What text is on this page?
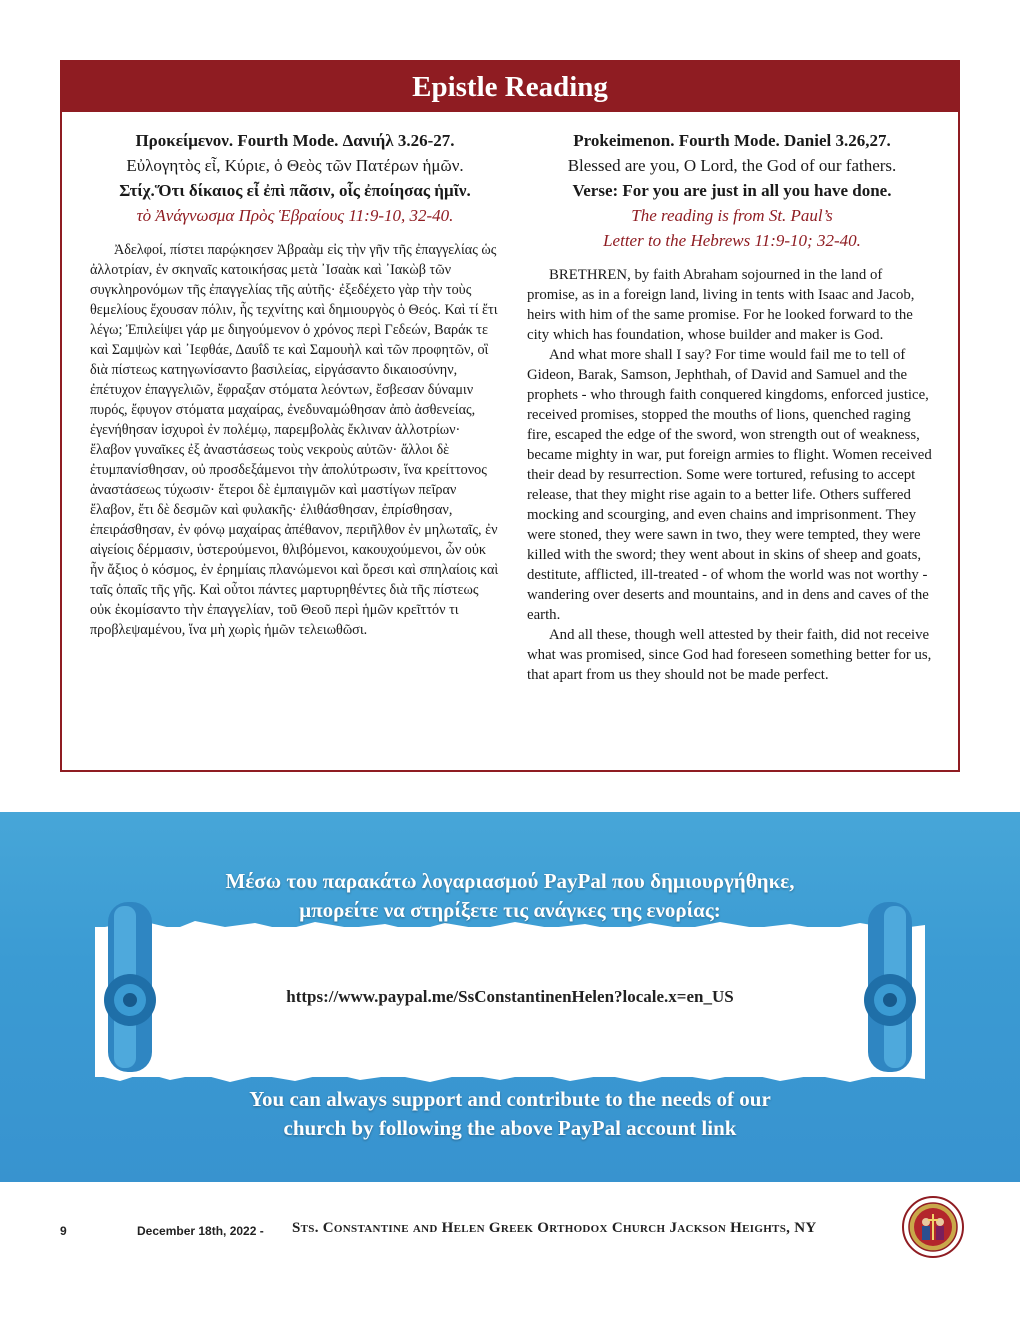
Epistle Reading
Προκείμενον. Fourth Mode. Δανιήλ 3.26-27.
Εὐλογητὸς εἶ, Κύριε, ὁ Θεὸς τῶν Πατέρων ἡμῶν.
Στίχ.Ὅτι δίκαιος εἶ ἐπὶ πᾶσιν, οἷς ἐποίησας ἡμῖν.
τὸ Ἀνάγνωσμα Πρὸς Ἑβραίους 11:9-10, 32-40.

Ἀδελφοί, πίστει παρῴκησεν Ἀβραὰμ εἰς τὴν γῆν τῆς ἐπαγγελίας ὡς ἀλλοτρίαν, ἐν σκηναῖς κατοικήσας μετὰ ᾿Ισαὰκ καὶ ᾿Ιακὼβ τῶν συγκληρονόμων τῆς ἐπαγγελίας τῆς αὐτῆς· ἐξεδέχετο γὰρ τὴν τοὺς θεμελίους ἔχουσαν πόλιν, ἧς τεχνίτης καὶ δημιουργὸς ὁ Θεός. Καὶ τί ἔτι λέγω; Ἐπιλείψει γάρ με διηγούμενον ὁ χρόνος περὶ Γεδεών, Βαράκ τε καὶ Σαμψὼν καὶ ᾿Ιεφθάε, Δαυΐδ τε καὶ Σαμουὴλ καὶ τῶν προφητῶν, οἳ διὰ πίστεως κατηγωνίσαντο βασιλείας, εἰργάσαντο δικαιοσύνην, ἐπέτυχον ἐπαγγελιῶν, ἔφραξαν στόματα λεόντων, ἔσβεσαν δύναμιν πυρός, ἔφυγον στόματα μαχαίρας, ἐνεδυναμώθησαν ἀπὸ ἀσθενείας, ἐγενήθησαν ἰσχυροὶ ἐν πολέμῳ, παρεμβολὰς ἔκλιναν ἀλλοτρίων· ἔλαβον γυναῖκες ἐξ ἀναστάσεως τοὺς νεκροὺς αὐτῶν· ἄλλοι δὲ ἐτυμπανίσθησαν, οὐ προσδεξάμενοι τὴν ἀπολύτρωσιν, ἵνα κρείττονος ἀναστάσεως τύχωσιν· ἕτεροι δὲ ἐμπαιγμῶν καὶ μαστίγων πεῖραν ἔλαβον, ἔτι δὲ δεσμῶν καὶ φυλακῆς· ἐλιθάσθησαν, ἐπρίσθησαν, ἐπειράσθησαν, ἐν φόνῳ μαχαίρας ἀπέθανον, περιῆλθον ἐν μηλωταῖς, ἐν αἰγείοις δέρμασιν, ὑστερούμενοι, θλιβόμενοι, κακουχούμενοι, ὧν οὐκ ἦν ἄξιος ὁ κόσμος, ἐν ἐρημίαις πλανώμενοι καὶ ὄρεσι καὶ σπηλαίοις καὶ ταῖς ὀπαῖς τῆς γῆς. Καὶ οὗτοι πάντες μαρτυρηθέντες διὰ τῆς πίστεως οὐκ ἐκομίσαντο τὴν ἐπαγγελίαν, τοῦ Θεοῦ περὶ ἡμῶν κρεῖττόν τι προβλεψαμένου, ἵνα μὴ χωρὶς ἡμῶν τελειωθῶσι.

Prokeimenon. Fourth Mode. Daniel 3.26,27.
Blessed are you, O Lord, the God of our fathers.
Verse: For you are just in all you have done.
The reading is from St. Paul’s
Letter to the Hebrews 11:9-10; 32-40.

BRETHREN, by faith Abraham sojourned in the land of promise, as in a foreign land, living in tents with Isaac and Jacob, heirs with him of the same promise. For he looked forward to the city which has foundation, whose builder and maker is God.

And what more shall I say? For time would fail me to tell of Gideon, Barak, Samson, Jephthah, of David and Samuel and the prophets - who through faith conquered kingdoms, enforced justice, received promises, stopped the mouths of lions, quenched raging fire, escaped the edge of the sword, won strength out of weakness, became mighty in war, put foreign armies to flight. Women received their dead by resurrection. Some were tortured, refusing to accept release, that they might rise again to a better life. Others suffered mocking and scourging, and even chains and imprisonment. They were stoned, they were sawn in two, they were tempted, they were killed with the sword; they went about in skins of sheep and goats, destitute, afflicted, ill-treated - of whom the world was not worthy - wandering over deserts and mountains, and in dens and caves of the earth.

And all these, though well attested by their faith, did not receive what was promised, since God had foreseen something better for us, that apart from us they should not be made perfect.

Μέσω του παρακάτω λογαριασμού PayPal που δημιουργήθηκε,
μπορείτε να στηρίξετε τις ανάγκες της ενορίας:
https://www.paypal.me/SsConstantinenHelen?locale.x=en_US
You can always support and contribute to the needs of our
church by following the above PayPal account link
9	December 18th, 2022 - Sts. Constantine and Helen Greek Orthodox Church Jackson Heights, NY
